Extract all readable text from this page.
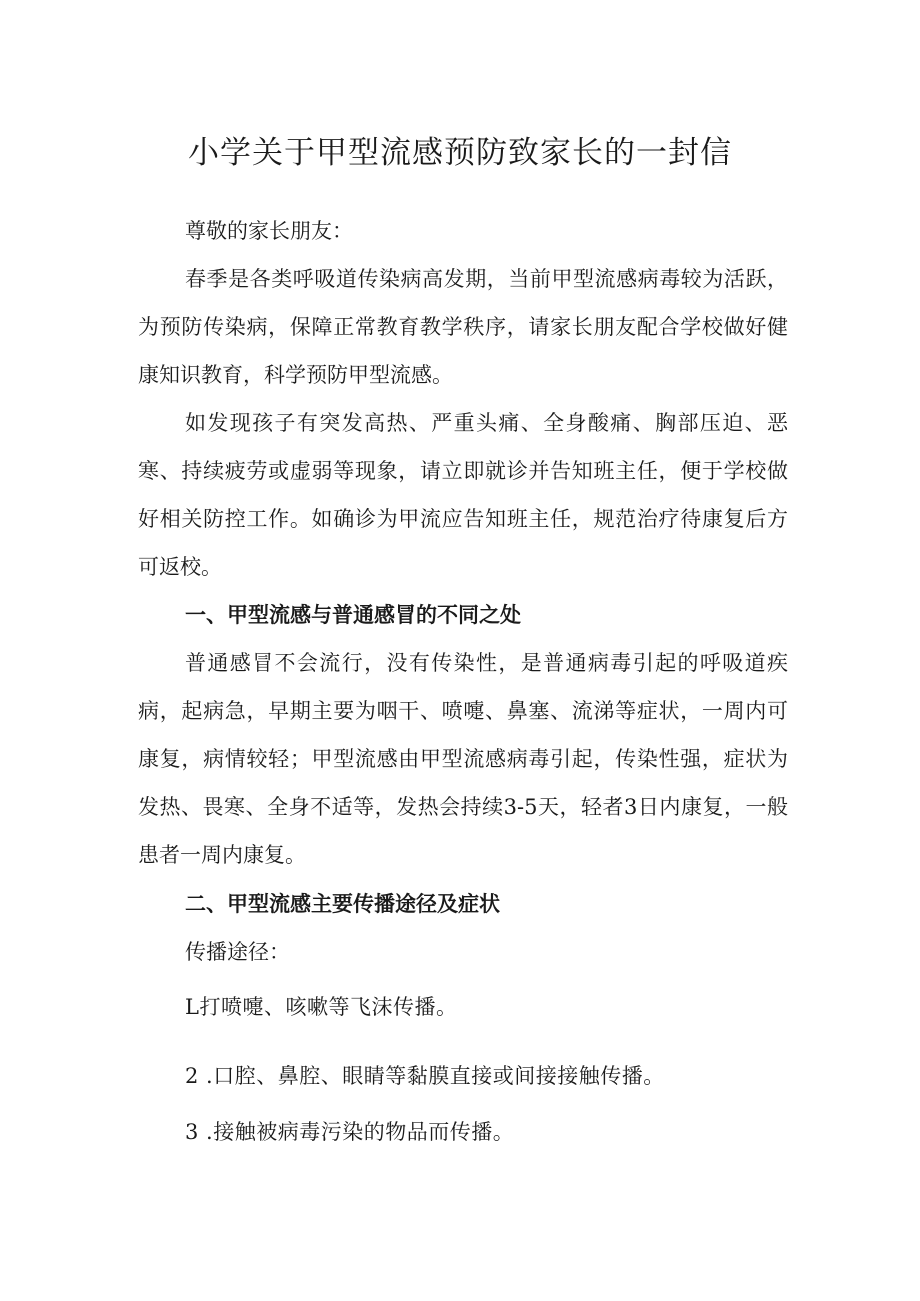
小学关于甲型流感预防致家长的一封信

尊敬的家长朋友：

春季是各类呼吸道传染病高发期，当前甲型流感病毒较为活跃，为预防传染病，保障正常教育教学秩序，请家长朋友配合学校做好健康知识教育，科学预防甲型流感。

如发现孩子有突发高热、严重头痛、全身酸痛、胸部压迫、恶寒、持续疲劳或虚弱等现象，请立即就诊并告知班主任，便于学校做好相关防控工作。如确诊为甲流应告知班主任，规范治疗待康复后方可返校。

一、甲型流感与普通感冒的不同之处

普通感冒不会流行，没有传染性，是普通病毒引起的呼吸道疾病，起病急，早期主要为咽干、喷嚏、鼻塞、流涕等症状，一周内可康复，病情较轻；甲型流感由甲型流感病毒引起，传染性强，症状为发热、畏寒、全身不适等，发热会持续3-5天，轻者3日内康复，一般患者一周内康复。

二、甲型流感主要传播途径及症状

传播途径：

L打喷嚏、咳嗽等飞沫传播。

2 .口腔、鼻腔、眼睛等黏膜直接或间接接触传播。

3 .接触被病毒污染的物品而传播。
